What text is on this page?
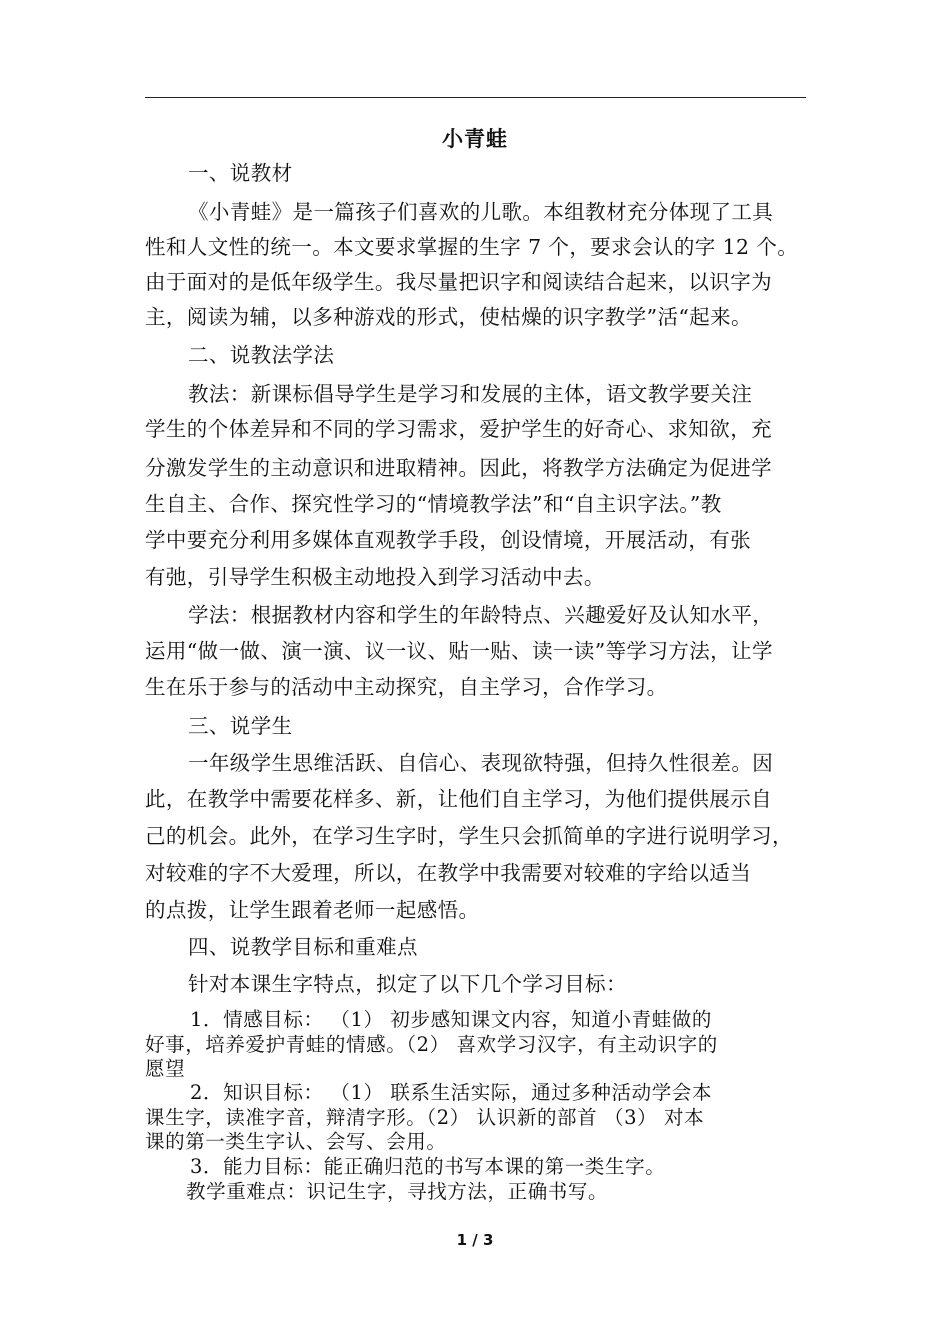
小青蛙
一、说教材
《小青蛙》是一篇孩子们喜欢的儿歌。本组教材充分体现了工具
性和人文性的统一。本文要求掌握的生字 7 个，要求会认的字 12 个。
由于面对的是低年级学生。我尽量把识字和阅读结合起来，以识字为
主，阅读为辅，以多种游戏的形式，使枯燥的识字教学”活“起来。
二、说教法学法
教法：新课标倡导学生是学习和发展的主体，语文教学要关注
学生的个体差异和不同的学习需求，爱护学生的好奇心、求知欲，充
分激发学生的主动意识和进取精神。因此，将教学方法确定为促进学
生自主、合作、探究性学习的“情境教学法”和“自主识字法。”教
学中要充分利用多媒体直观教学手段，创设情境，开展活动，有张
有弛，引导学生积极主动地投入到学习活动中去。
学法：根据教材内容和学生的年龄特点、兴趣爱好及认知水平，
运用“做一做、演一演、议一议、贴一贴、读一读”等学习方法，让学
生在乐于参与的活动中主动探究，自主学习，合作学习。
三、说学生
一年级学生思维活跃、自信心、表现欲特强，但持久性很差。因
此，在教学中需要花样多、新，让他们自主学习，为他们提供展示自
己的机会。此外，在学习生字时，学生只会抓简单的字进行说明学习，
对较难的字不大爱理，所以，在教学中我需要对较难的字给以适当
的点拨，让学生跟着老师一起感悟。
四、说教学目标和重难点
针对本课生字特点，拟定了以下几个学习目标：
1．情感目标： （1） 初步感知课文内容，知道小青蛙做的
好事，培养爱护青蛙的情感。（2） 喜欢学习汉字，有主动识字的
愿望
2．知识目标： （1） 联系生活实际，通过多种活动学会本
课生字，读准字音，辩清字形。（2） 认识新的部首 （3） 对本
课的第一类生字认、会写、会用。
3．能力目标：能正确归范的书写本课的第一类生字。
教学重难点：识记生字，寻找方法，正确书写。
1 / 3
